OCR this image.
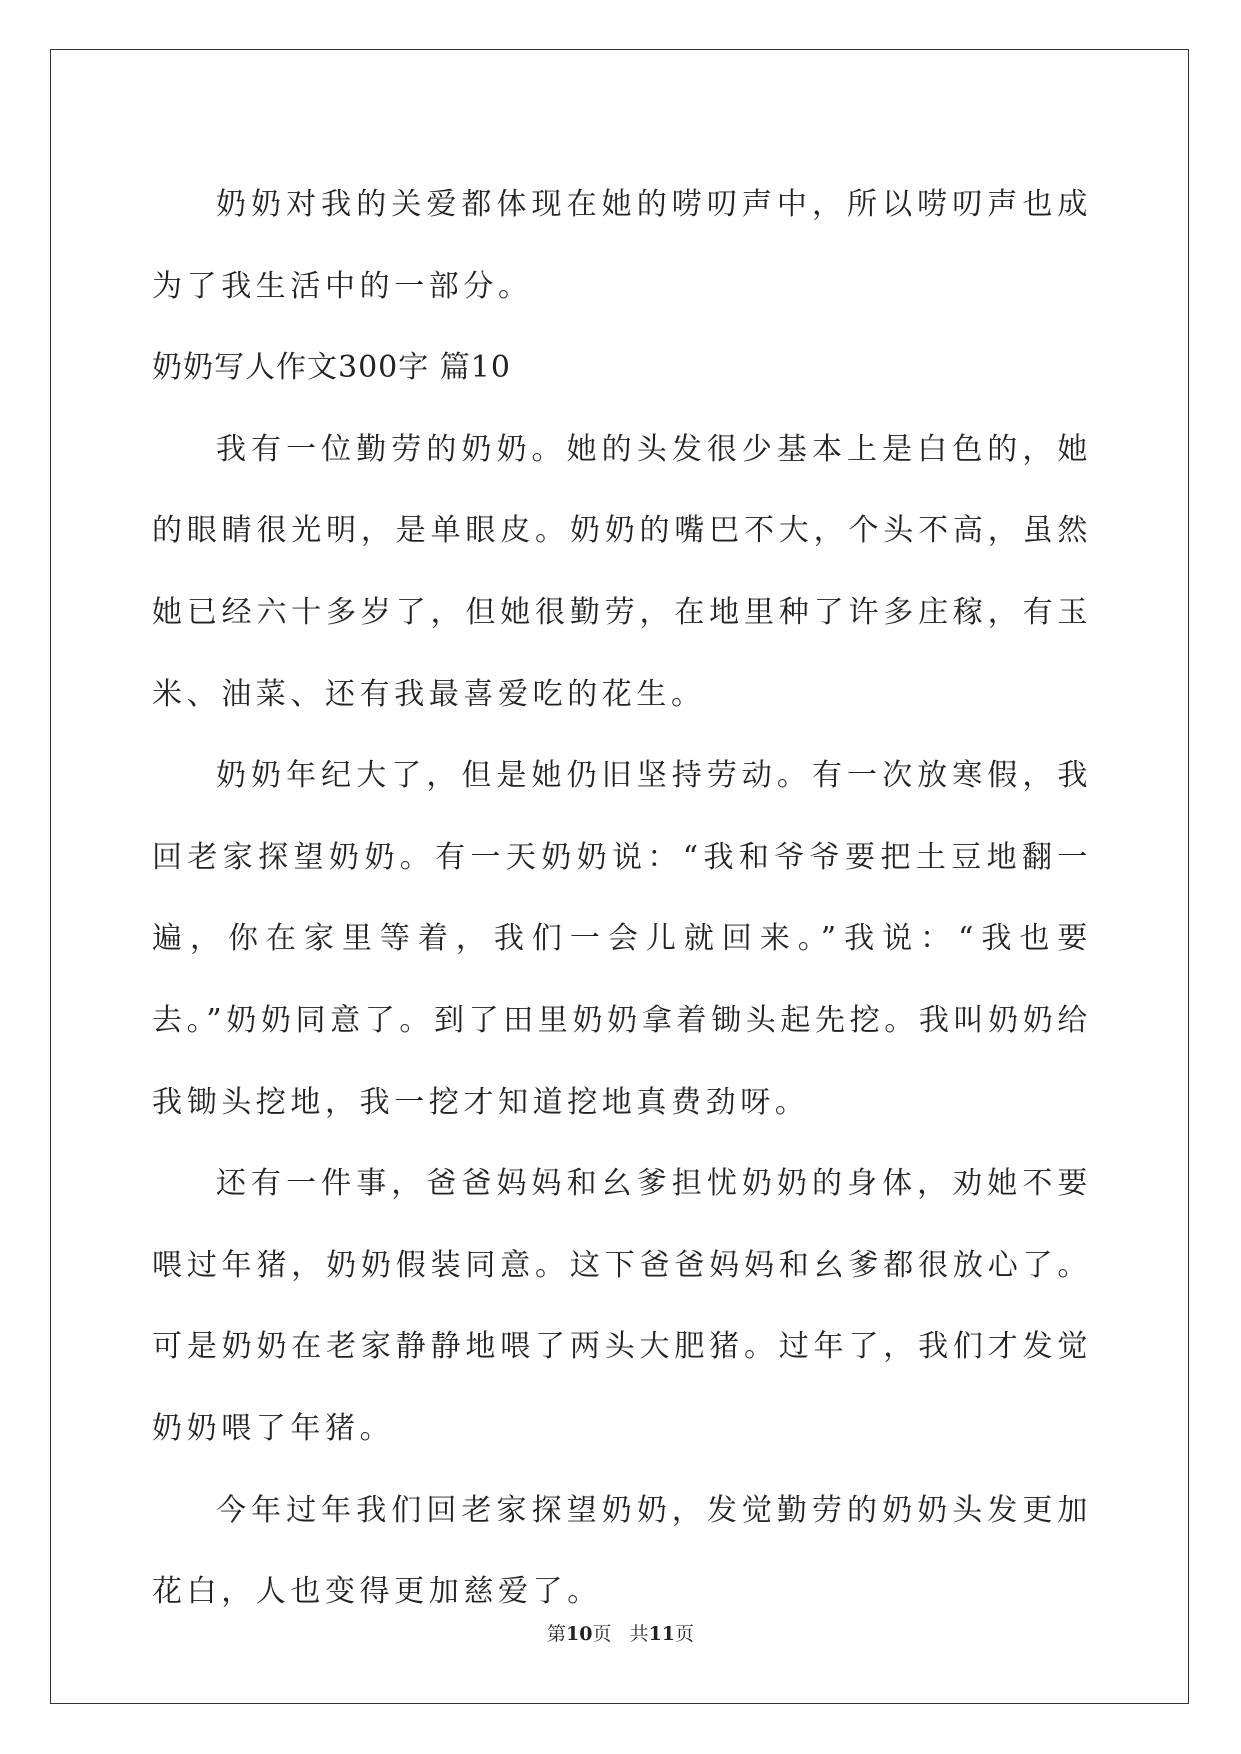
奶奶对我的关爱都体现在她的唠叨声中，所以唠叨声也成为了我生活中的一部分。

奶奶写人作文300字 篇10

我有一位勤劳的奶奶。她的头发很少基本上是白色的，她的眼睛很光明，是单眼皮。奶奶的嘴巴不大，个头不高，虽然她已经六十多岁了，但她很勤劳，在地里种了许多庄稼，有玉米、油菜、还有我最喜爱吃的花生。

奶奶年纪大了，但是她仍旧坚持劳动。有一次放寒假，我回老家探望奶奶。有一天奶奶说：“我和爷爷要把土豆地翻一遍，你在家里等着，我们一会儿就回来。”我说：“我也要去。”奶奶同意了。到了田里奶奶拿着锄头起先挖。我叫奶奶给我锄头挖地，我一挖才知道挖地真费劲呀。

还有一件事，爸爸妈妈和幺爹担忧奶奶的身体，劝她不要喂过年猪，奶奶假装同意。这下爸爸妈妈和幺爹都很放心了。可是奶奶在老家静静地喂了两头大肥猪。过年了，我们才发觉奶奶喂了年猪。

今年过年我们回老家探望奶奶，发觉勤劳的奶奶头发更加花白，人也变得更加慈爱了。

第10页   共11页
